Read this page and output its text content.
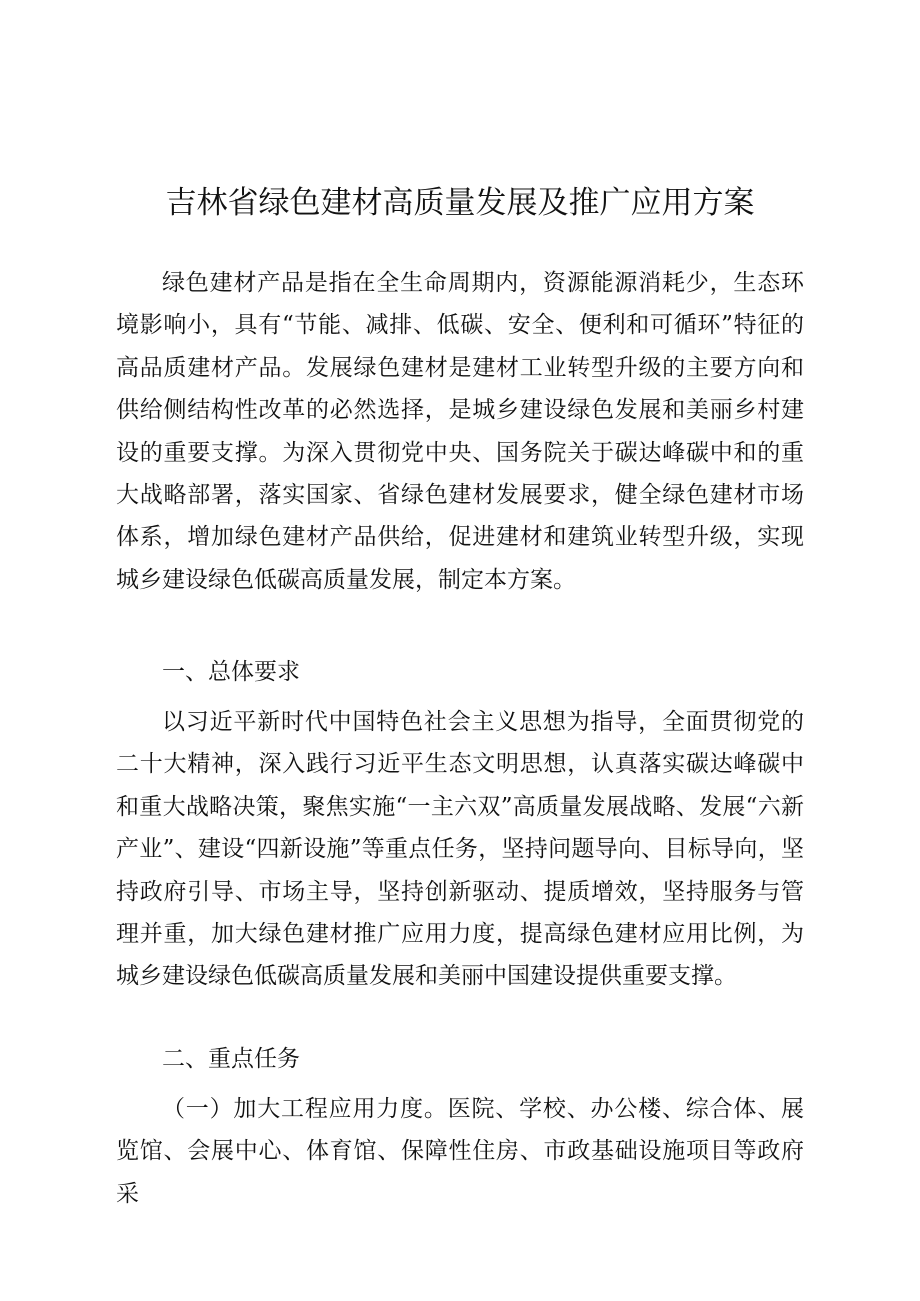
吉林省绿色建材高质量发展及推广应用方案

绿色建材产品是指在全生命周期内，资源能源消耗少，生态环境影响小，具有“节能、减排、低碳、安全、便利和可循环”特征的高品质建材产品。发展绿色建材是建材工业转型升级的主要方向和供给侧结构性改革的必然选择，是城乡建设绿色发展和美丽乡村建设的重要支撑。为深入贯彻党中央、国务院关于碳达峰碳中和的重大战略部署，落实国家、省绿色建材发展要求，健全绿色建材市场体系，增加绿色建材产品供给，促进建材和建筑业转型升级，实现城乡建设绿色低碳高质量发展，制定本方案。

一、总体要求

以习近平新时代中国特色社会主义思想为指导，全面贯彻党的二十大精神，深入践行习近平生态文明思想，认真落实碳达峰碳中和重大战略决策，聚焦实施“一主六双”高质量发展战略、发展“六新产业”、建设“四新设施”等重点任务，坚持问题导向、目标导向，坚持政府引导、市场主导，坚持创新驱动、提质增效，坚持服务与管理并重，加大绿色建材推广应用力度，提高绿色建材应用比例，为城乡建设绿色低碳高质量发展和美丽中国建设提供重要支撑。

二、重点任务

（一）加大工程应用力度。医院、学校、办公楼、综合体、展览馆、会展中心、体育馆、保障性住房、市政基础设施项目等政府采
